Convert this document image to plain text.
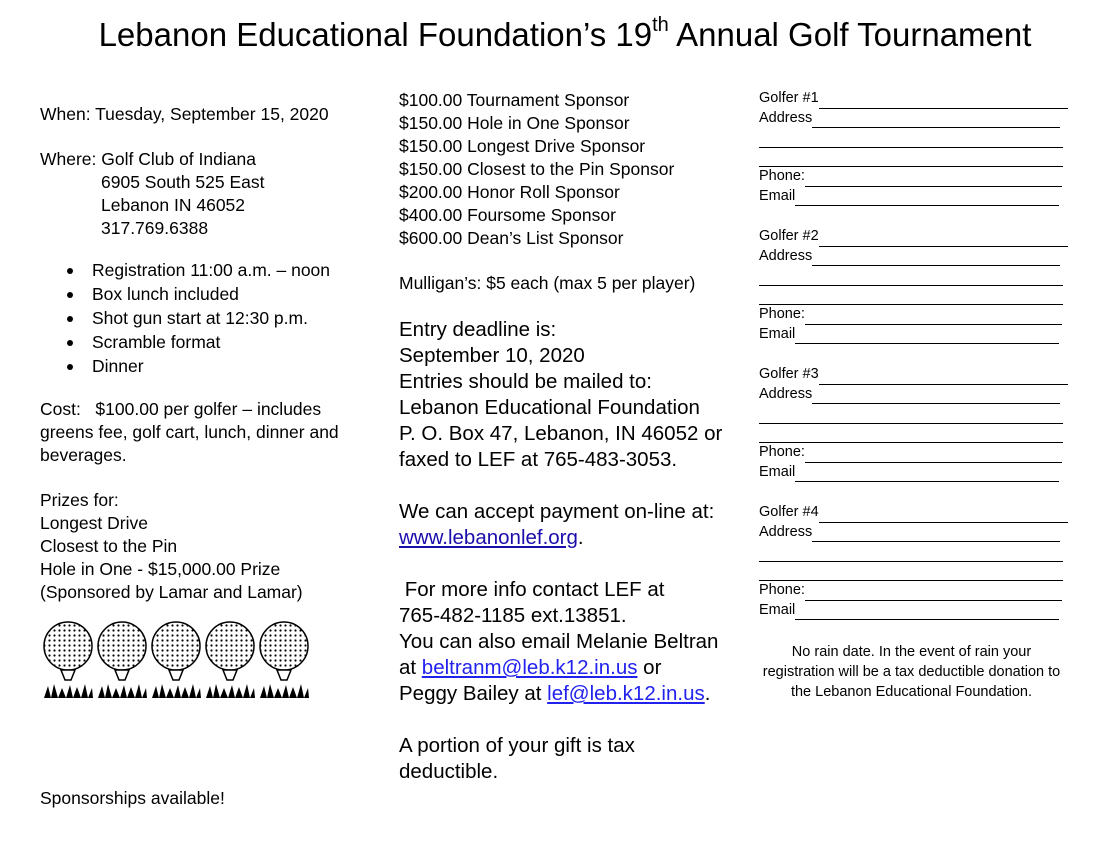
Lebanon Educational Foundation’s 19th Annual Golf Tournament

When: Tuesday, September 15, 2020

Where: Golf Club of Indiana

6905 South 525 East

Lebanon IN 46052

317.769.6388

Registration 11:00 a.m. – noon
Box lunch included
Shot gun start at 12:30 p.m.
Scramble format
Dinner

Cost:   $100.00 per golfer – includes

greens fee, golf cart, lunch, dinner and

beverages.

Prizes for:

Longest Drive

Closest to the Pin

Hole in One - $15,000.00 Prize

(Sponsored by Lamar and Lamar)

Sponsorships available!

$100.00 Tournament Sponsor

$150.00 Hole in One Sponsor

$150.00 Longest Drive Sponsor

$150.00 Closest to the Pin Sponsor

$200.00 Honor Roll Sponsor

$400.00 Foursome Sponsor

$600.00 Dean’s List Sponsor

Mulligan’s: $5 each (max 5 per player)

Entry deadline is:

September 10, 2020

Entries should be mailed to:

Lebanon Educational Foundation

P. O. Box 47, Lebanon, IN 46052 or

faxed to LEF at 765-483-3053.

We can accept payment on-line at:

www.lebanonlef.org.

For more info contact LEF at

765-482-1185 ext.13851.

You can also email Melanie Beltran

at beltranm@leb.k12.in.us or

Peggy Bailey at lef@leb.k12.in.us.

A portion of your gift is tax

deductible.

Golfer #1
Address
Phone:
Email
Golfer #2
Address
Phone:
Email
Golfer #3
Address
Phone:
Email
Golfer #4
Address
Phone:
Email

No rain date. In the event of rain your registration will be a tax deductible donation to the Lebanon Educational Foundation.
